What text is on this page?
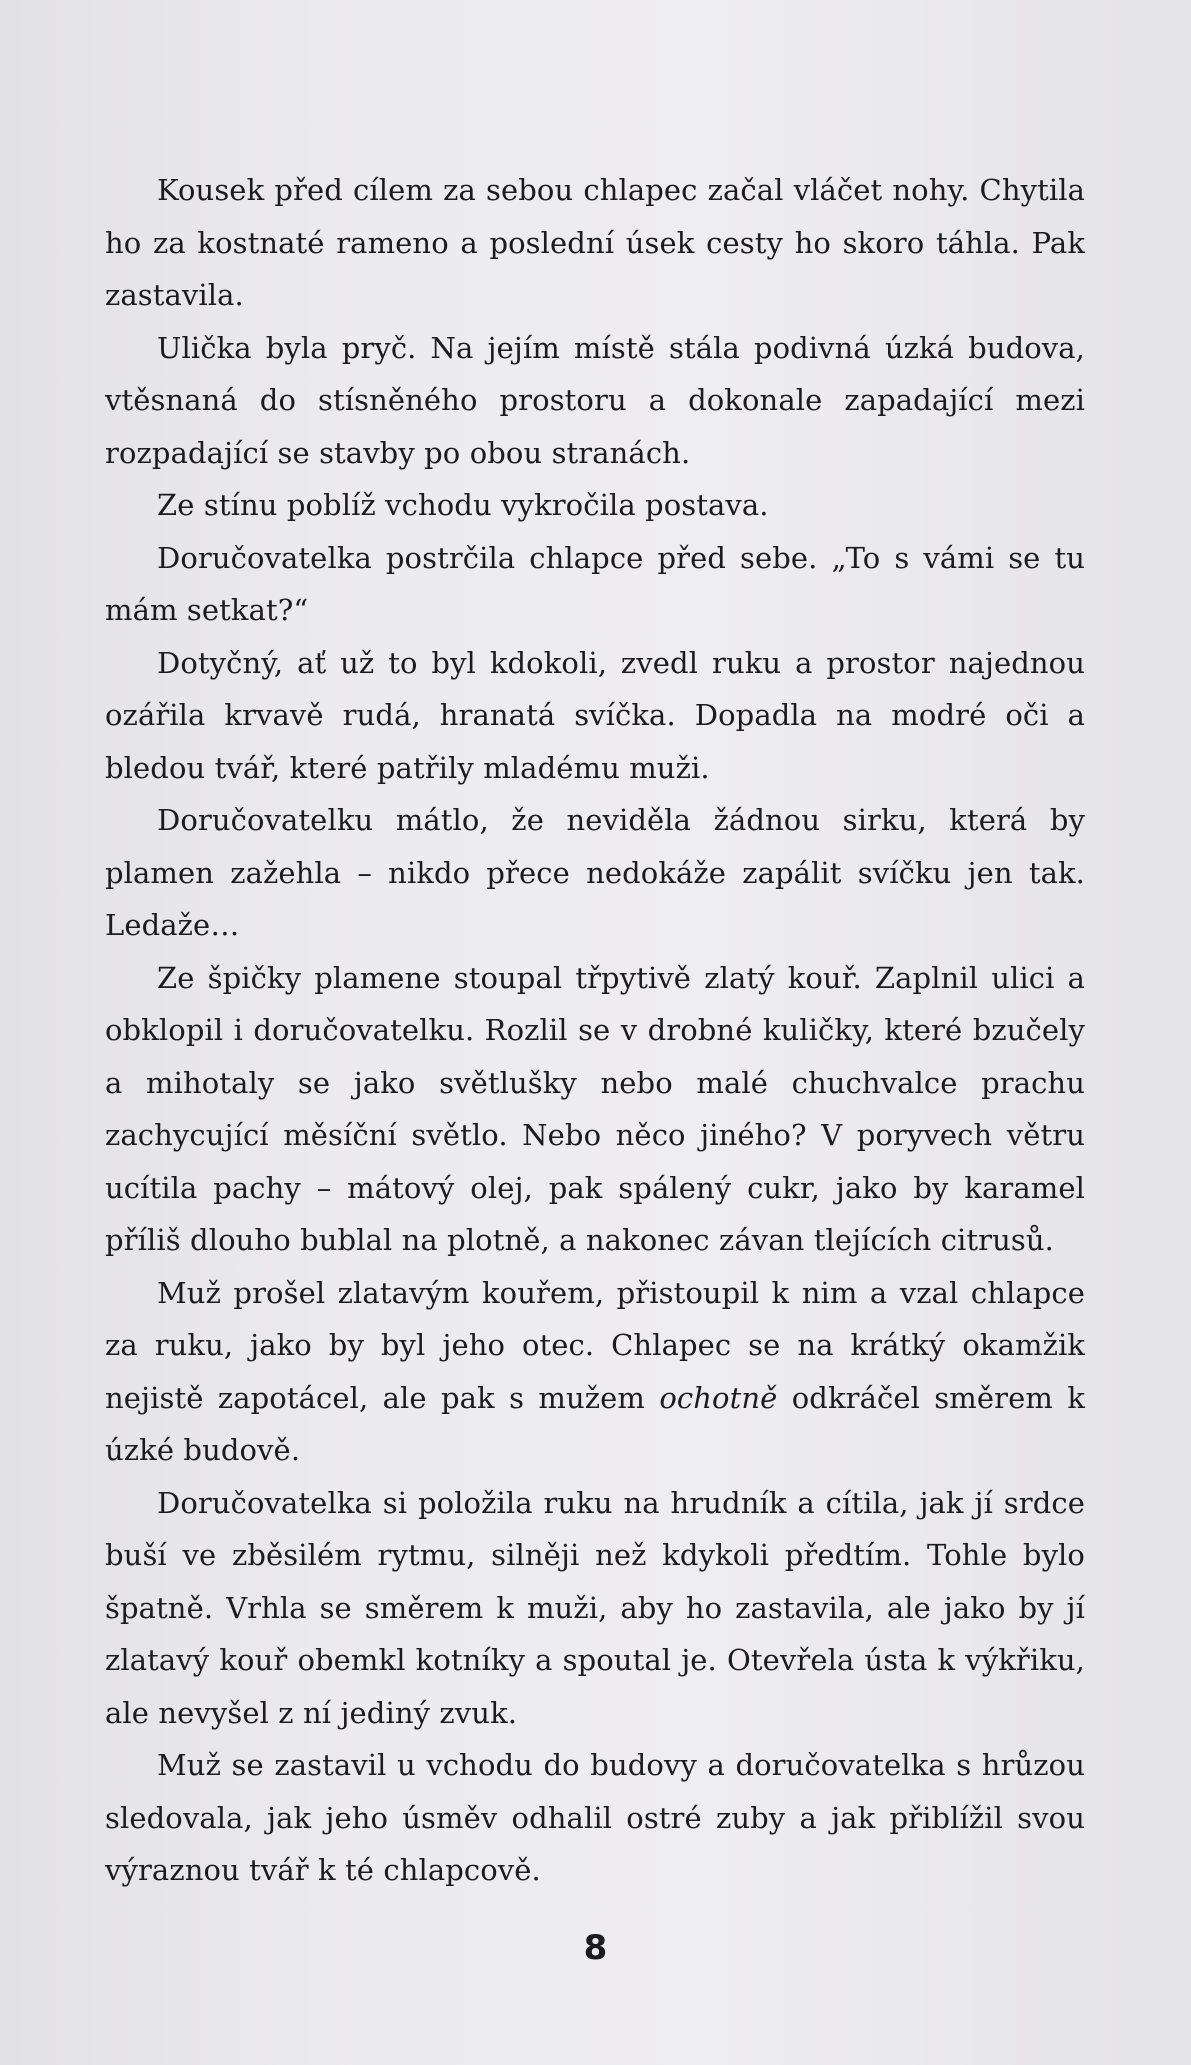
Kousek před cílem za sebou chlapec začal vláčet nohy. Chytila ho za kostnaté rameno a poslední úsek cesty ho skoro táhla. Pak zastavila.

Ulička byla pryč. Na jejím místě stála podivná úzká budova, vtěsnaná do stísněného prostoru a dokonale zapadající mezi rozpadající se stavby po obou stranách.

Ze stínu poblíž vchodu vykročila postava.

Doručovatelka postrčila chlapce před sebe. „To s vámi se tu mám setkat?“

Dotyčný, ať už to byl kdokoli, zvedl ruku a prostor najednou ozářila krvavě rudá, hranatá svíčka. Dopadla na modré oči a bledou tvář, které patřily mladému muži.

Doručovatelku mátlo, že neviděla žádnou sirku, která by plamen zažehla – nikdo přece nedokáže zapálit svíčku jen tak. Ledaže…

Ze špičky plamene stoupal třpytivě zlatý kouř. Zaplnil ulici a obklopil i doručovatelku. Rozlil se v drobné kuličky, které bzučely a mihotaly se jako světlušky nebo malé chuchvalce prachu zachycující měsíční světlo. Nebo něco jiného? V poryvech větru ucítila pachy – mátový olej, pak spálený cukr, jako by karamel příliš dlouho bublal na plotně, a nakonec závan tlejících citrusů.

Muž prošel zlatavým kouřem, přistoupil k nim a vzal chlapce za ruku, jako by byl jeho otec. Chlapec se na krátký okamžik nejistě zapotácel, ale pak s mužem ochotně odkráčel směrem k úzké budově.

Doručovatelka si položila ruku na hrudník a cítila, jak jí srdce buší ve zběsilém rytmu, silněji než kdykoli předtím. Tohle bylo špatně. Vrhla se směrem k muži, aby ho zastavila, ale jako by jí zlatavý kouř obemkl kotníky a spoutal je. Otevřela ústa k výkřiku, ale nevyšel z ní jediný zvuk.

Muž se zastavil u vchodu do budovy a doručovatelka s hrůzou sledovala, jak jeho úsměv odhalil ostré zuby a jak přiblížil svou výraznou tvář k té chlapcově.

8
